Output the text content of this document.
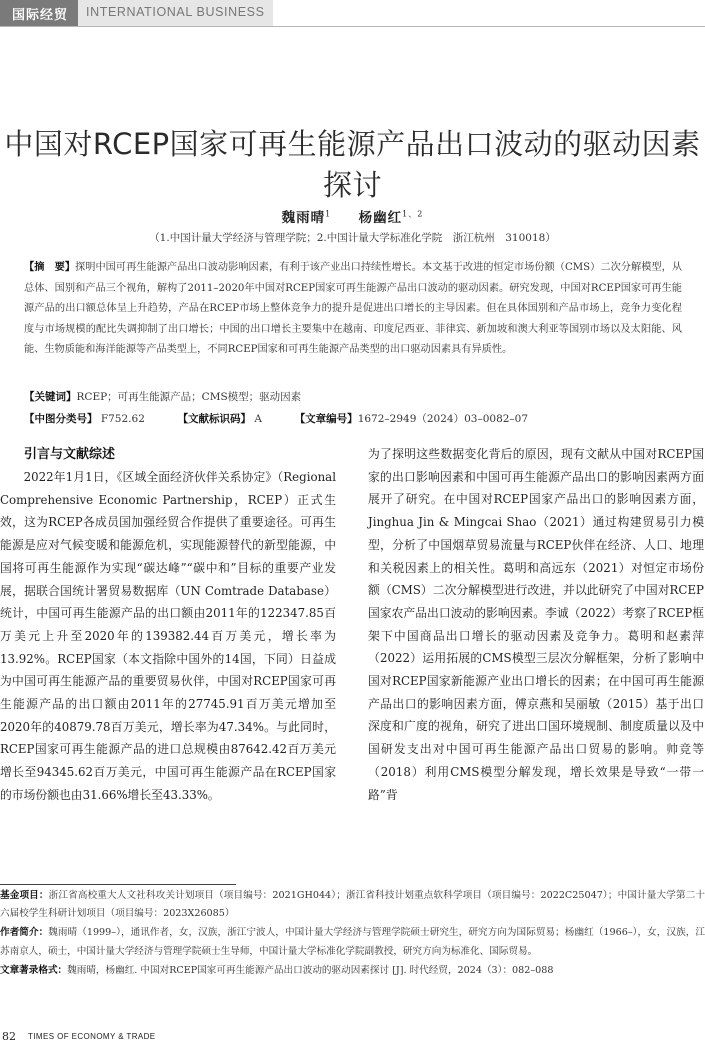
国际经贸	INTERNATIONAL BUSINESS
中国对RCEP国家可再生能源产品出口波动的驱动因素探讨
魏雨晴$^1$ 杨幽红$^{1、2}$
（1.中国计量大学经济与管理学院；2.中国计量大学标准化学院　浙江杭州　310018）
【摘　要】探明中国可再生能源产品出口波动影响因素，有利于该产业出口持续性增长。本文基于改进的恒定市场份额（CMS）二次分解模型，从总体、国别和产品三个视角，解构了2011–2020年中国对RCEP国家可再生能源产品出口波动的驱动因素。研究发现，中国对RCEP国家可再生能源产品的出口额总体呈上升趋势，产品在RCEP市场上整体竞争力的提升是促进出口增长的主导因素。但在具体国别和产品市场上，竞争力变化程度与市场规模的配比失调抑制了出口增长；中国的出口增长主要集中在越南、印度尼西亚、菲律宾、新加坡和澳大利亚等国别市场以及太阳能、风能、生物质能和海洋能源等产品类型上，不同RCEP国家和可再生能源产品类型的出口驱动因素具有异质性。
【关键词】RCEP；可再生能源产品；CMS模型；驱动因素
【中图分类号】 F752.62	【文献标识码】 A	【文章编号】1672–2949（2024）03–0082–07
引言与文献综述

2022年1月1日，《区域全面经济伙伴关系协定》（Regional Comprehensive Economic Partnership，RCEP）正式生效，这为RCEP各成员国加强经贸合作提供了重要途径。可再生能源是应对气候变暖和能源危机，实现能源替代的新型能源，中国将可再生能源作为实现“碳达峰”“碳中和”目标的重要产业发展，据联合国统计署贸易数据库（UN Comtrade Database）统计，中国可再生能源产品的出口额由2011年的122347.85百万美元上升至2020年的139382.44百万美元，增长率为13.92%。RCEP国家（本文指除中国外的14国，下同）日益成为中国可再生能源产品的重要贸易伙伴，中国对RCEP国家可再生能源产品的出口额由2011年的27745.91百万美元增加至2020年的40879.78百万美元，增长率为47.34%。与此同时，RCEP国家可再生能源产品的进口总规模由87642.42百万美元增长至94345.62百万美元，中国可再生能源产品在RCEP国家的市场份额也由31.66%增长至43.33%。

为了探明这些数据变化背后的原因，现有文献从中国对RCEP国家的出口影响因素和中国可再生能源产品出口的影响因素两方面展开了研究。在中国对RCEP国家产品出口的影响因素方面，Jinghua Jin & Mingcai Shao（2021）通过构建贸易引力模型，分析了中国烟草贸易流量与RCEP伙伴在经济、人口、地理和关税因素上的相关性。葛明和高远东（2021）对恒定市场份额（CMS）二次分解模型进行改进，并以此研究了中国对RCEP国家农产品出口波动的影响因素。李诚（2022）考察了RCEP框架下中国商品出口增长的驱动因素及竞争力。葛明和赵素萍（2022）运用拓展的CMS模型三层次分解框架，分析了影响中国对RCEP国家新能源产业出口增长的因素；在中国可再生能源产品出口的影响因素方面，傅京燕和吴丽敏（2015）基于出口深度和广度的视角，研究了进出口国环境规制、制度质量以及中国研发支出对中国可再生能源产品出口贸易的影响。帅竞等（2018）利用CMS模型分解发现，增长效果是导致“一带一路”背

基金项目：浙江省高校重大人文社科攻关计划项目（项目编号：2021GH044）；浙江省科技计划重点软科学项目（项目编号：2022C25047）；中国计量大学第二十六届校学生科研计划项目（项目编号：2023X26085）

作者简介：魏雨晴（1999–），通讯作者，女，汉族，浙江宁波人，中国计量大学经济与管理学院硕士研究生，研究方向为国际贸易；杨幽红（1966–），女，汉族，江苏南京人，硕士，中国计量大学经济与管理学院硕士生导师，中国计量大学标准化学院副教授，研究方向为标准化、国际贸易。

文章著录格式：魏雨晴，杨幽红. 中国对RCEP国家可再生能源产品出口波动的驱动因素探讨 [J]. 时代经贸，2024（3）：082–088

82 TIMES OF ECONOMY & TRADE
